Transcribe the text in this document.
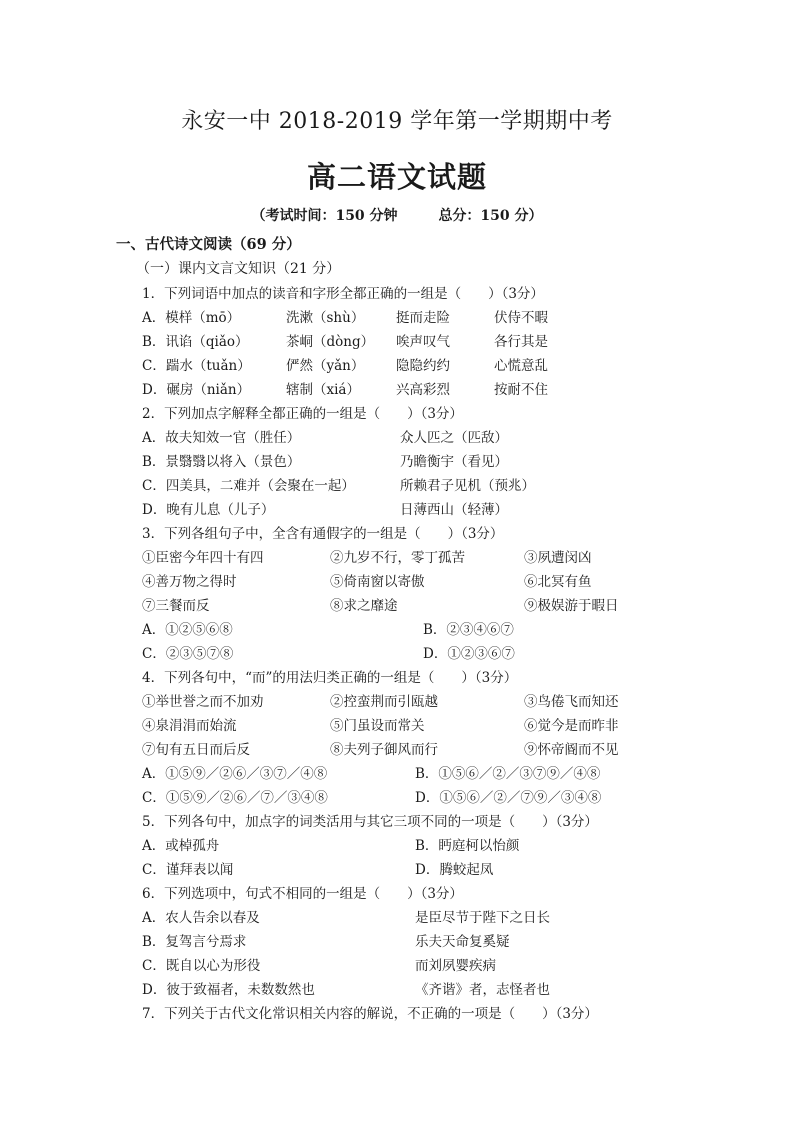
永安一中 2018-2019 学年第一学期期中考
高二语文试题
（考试时间：150 分钟	总分：150 分）
一、古代诗文阅读（69 分）
（一）课内文言文知识（21 分）
1．下列词语中加点的读音和字形全都正确的一组是（　　）（3分）
A．模样（mō）	洗漱（shù） 挺而走险	伏侍不暇
B．讯谄（qiǎo）	茶峒（dòng） 唉声叹气	各行其是
C．踹水（tuǎn）	俨然（yǎn） 隐隐约约	心慌意乱
D．碾房（niǎn）	辖制（xiá）	兴高彩烈	按耐不住
2．下列加点字解释全都正确的一组是（　　）（3分）
A．故夫知效一官（胜任）	众人匹之（匹敌）
B．景翳翳以将入（景色）	乃瞻衡宇（看见）
C．四美具，二难并（会聚在一起）	所赖君子见机（预兆）
D．晚有儿息（儿子）	日薄西山（轻薄）
3．下列各组句子中，全含有通假字的一组是（　　）（3分）
①臣密今年四十有四	②九岁不行，零丁孤苦	③夙遭闵凶
④善万物之得时	⑤倚南窗以寄傲	⑥北冥有鱼
⑦三餐而反	⑧求之靡途	⑨极娱游于暇日
A．①②⑤⑥⑧	B．②③④⑥⑦
C．②③⑤⑦⑧	D．①②③⑥⑦
4．下列各句中，“而”的用法归类正确的一组是（　　）（3分）
①举世誉之而不加劝	②控蛮荆而引瓯越	③鸟倦飞而知还
④泉涓涓而始流	⑤门虽设而常关	⑥觉今是而昨非
⑦旬有五日而后反	⑧夫列子御风而行	⑨怀帝阍而不见
A．①⑤⑨／②⑥／③⑦／④⑧	B．①⑤⑥／②／③⑦⑨／④⑧
C．①⑤⑨／②⑥／⑦／③④⑧	D．①⑤⑥／②／⑦⑨／③④⑧
5．下列各句中，加点字的词类活用与其它三项不同的一项是（　　）（3分）
A．或棹孤舟	B．眄庭柯以怡颜
C．谨拜表以闻	D．腾蛟起凤
6．下列选项中，句式不相同的一组是（　　）（3分）
A．农人告余以春及	是臣尽节于陛下之日长
B．复驾言兮焉求	乐夫天命复奚疑
C．既自以心为形役	而刘夙婴疾病
D．彼于致福者，未数数然也	《齐谐》者，志怪者也
7．下列关于古代文化常识相关内容的解说，不正确的一项是（　　）（3分）
